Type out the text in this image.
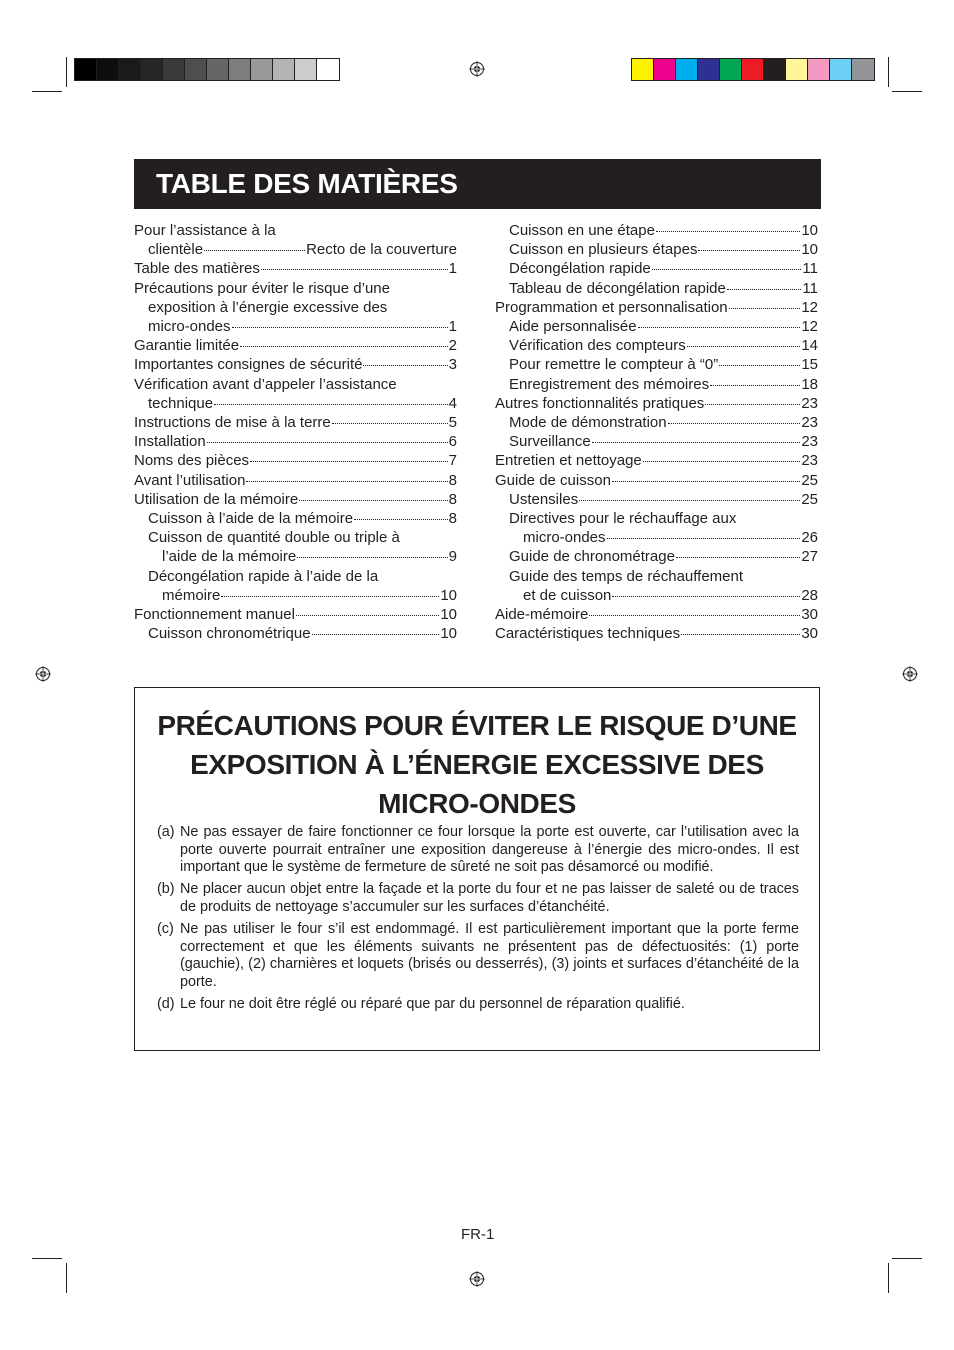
TABLE DES MATIÈRES
Pour l’assistance à la
clientèle	Recto de la couverture
Table des matières	1
Précautions pour éviter le risque d’une
exposition à l’énergie excessive des
micro-ondes	1
Garantie limitée	2
Importantes consignes de sécurité	3
Vérification avant d’appeler l’assistance
technique	4
Instructions de mise à la terre	5
Installation	6
Noms des pièces	7
Avant l’utilisation	8
Utilisation de la mémoire	8
Cuisson à l’aide de la mémoire	8
Cuisson de quantité double ou triple à
l’aide de la mémoire	9
Décongélation rapide à l’aide de la
mémoire	10
Fonctionnement manuel	10
Cuisson chronométrique	10
Cuisson en une étape	10
Cuisson en plusieurs étapes	10
Décongélation rapide	11
Tableau de décongélation rapide	11
Programmation et personnalisation	12
Aide personnalisée	12
Vérification des compteurs	14
Pour remettre le compteur à “0”	15
Enregistrement des mémoires	18
Autres fonctionnalités pratiques	23
Mode de démonstration	23
Surveillance	23
Entretien et nettoyage	23
Guide de cuisson	25
Ustensiles	25
Directives pour le réchauffage aux
micro-ondes	26
Guide de chronométrage	27
Guide des temps de réchauffement
et de cuisson	28
Aide-mémoire	30
Caractéristiques techniques	30
PRÉCAUTIONS POUR ÉVITER LE RISQUE D’UNE
EXPOSITION À L’ÉNERGIE EXCESSIVE DES
MICRO-ONDES
(a) Ne pas essayer de faire fonctionner ce four lorsque la porte est ouverte, car l’utilisation avec la porte ouverte pourrait entraîner une exposition dangereuse à l’énergie des micro-ondes. Il est important que le système de fermeture de sûreté ne soit pas désamorcé ou modifié.
(b) Ne placer aucun objet entre la façade et la porte du four et ne pas laisser de saleté ou de traces de produits de nettoyage s’accumuler sur les surfaces d’étanchéité.
(c) Ne pas utiliser le four s’il est endommagé. Il est particulièrement important que la porte ferme correctement et que les éléments suivants ne présentent pas de défectuosités: (1) porte (gauchie), (2) charnières et loquets (brisés ou desserrés), (3) joints et surfaces d’étanchéité de la porte.
(d) Le four ne doit être réglé ou réparé que par du personnel de réparation qualifié.
FR-1
